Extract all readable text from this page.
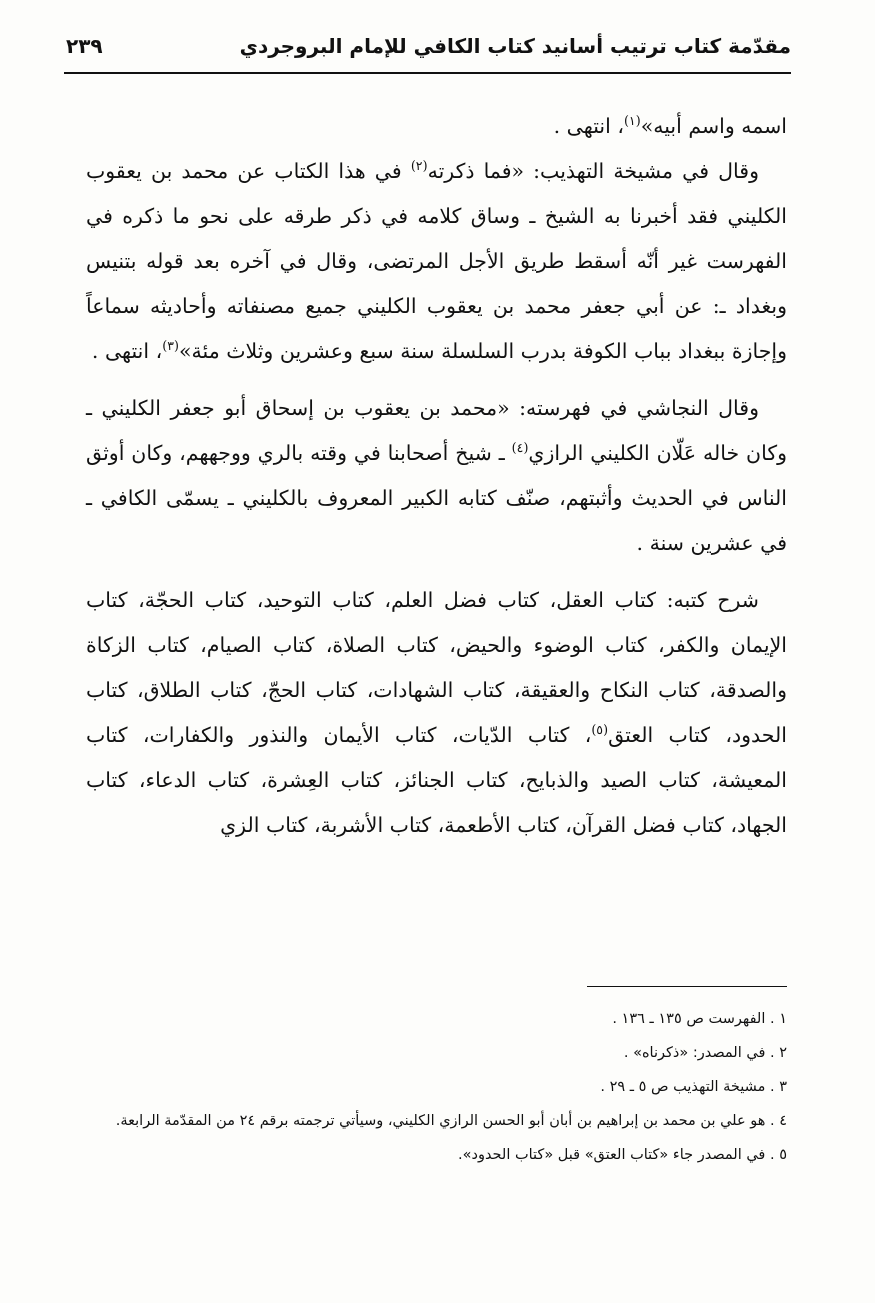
مقدّمة كتاب ترتيب أسانيد كتاب الكافي للإمام البروجردي
٢٣٩

اسمه واسم أبيه»$^{(١)}$، انتهى .

وقال في مشيخة التهذيب: «فما ذكرته$^{(٢)}$ في هذا الكتاب عن محمد بن يعقوب الكليني فقد أخبرنا به الشيخ ـ وساق كلامه في ذكر طرقه على نحو ما ذكره في الفهرست غير أنّه أسقط طريق الأجل المرتضى، وقال في آخره بعد قوله بتنيس وبغداد ـ: عن أبي جعفر محمد بن يعقوب الكليني جميع مصنفاته وأحاديثه سماعاً وإجازة ببغداد بباب الكوفة بدرب السلسلة سنة سبع وعشرين وثلاث مئة»$^{(٣)}$، انتهى .

وقال النجاشي في فهرسته: «محمد بن يعقوب بن إسحاق أبو جعفر الكليني ـ وكان خاله عَلّان الكليني الرازي$^{(٤)}$ ـ شيخ أصحابنا في وقته بالري ووجههم، وكان أوثق الناس في الحديث وأثبتهم، صنّف كتابه الكبير المعروف بالكليني ـ يسمّى الكافي ـ في عشرين سنة .

شرح كتبه: كتاب العقل، كتاب فضل العلم، كتاب التوحيد، كتاب الحجّة، كتاب الإيمان والكفر، كتاب الوضوء والحيض، كتاب الصلاة، كتاب الصيام، كتاب الزكاة والصدقة، كتاب النكاح والعقيقة، كتاب الشهادات، كتاب الحجّ، كتاب الطلاق، كتاب الحدود، كتاب العتق$^{(٥)}$، كتاب الدّيات، كتاب الأيمان والنذور والكفارات، كتاب المعيشة، كتاب الصيد والذبايح، كتاب الجنائز، كتاب العِشرة، كتاب الدعاء، كتاب الجهاد، كتاب فضل القرآن، كتاب الأطعمة، كتاب الأشربة، كتاب الزي

١ . الفهرست ص ١٣٥ ـ ١٣٦ .
٢ . في المصدر: «ذكرناه» .
٣ . مشيخة التهذيب ص ٥ ـ ٢٩ .
٤ . هو علي بن محمد بن إبراهيم بن أبان أبو الحسن الرازي الكليني، وسيأتي ترجمته برقم ٢٤ من المقدّمة الرابعة.
٥ . في المصدر جاء «كتاب العتق» قبل «كتاب الحدود».
